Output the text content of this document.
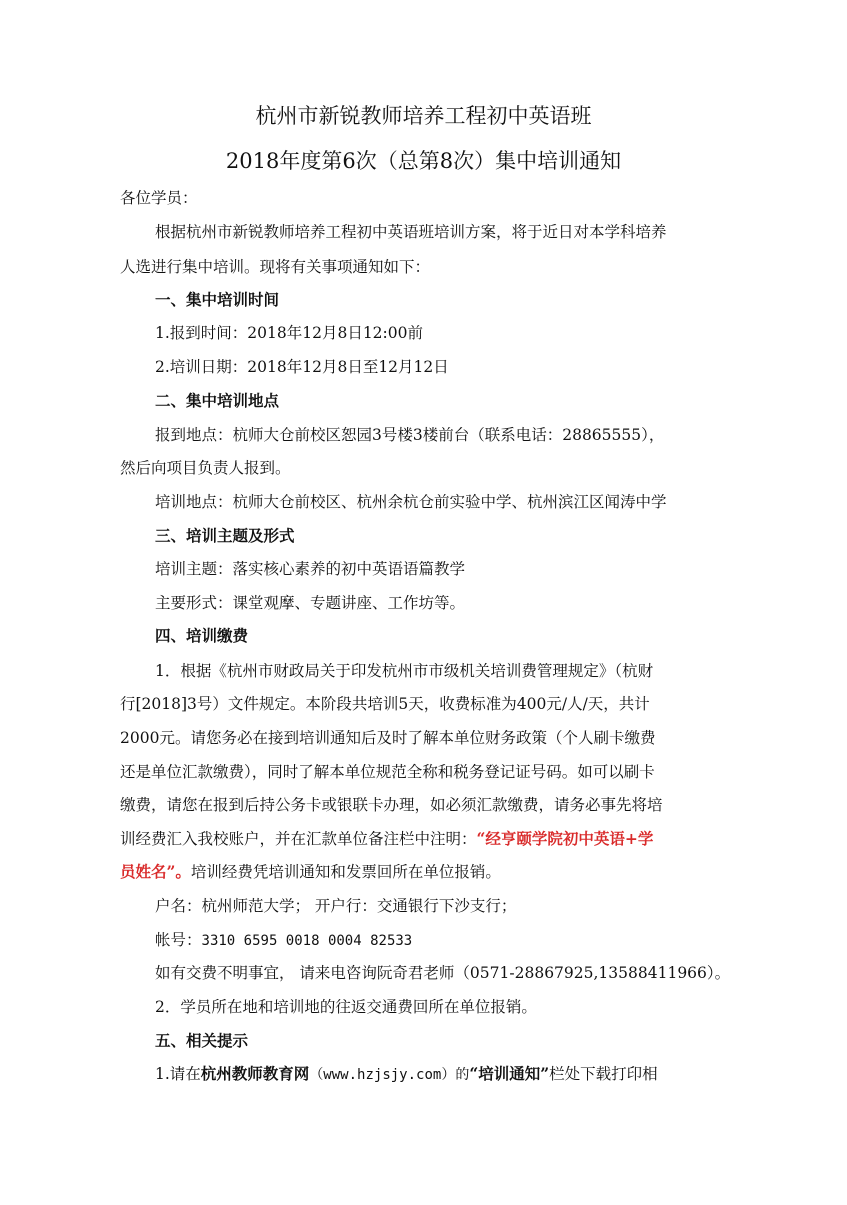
杭州市新锐教师培养工程初中英语班
2018年度第6次（总第8次）集中培训通知
各位学员：
根据杭州市新锐教师培养工程初中英语班培训方案，将于近日对本学科培养
人选进行集中培训。现将有关事项通知如下：
一、集中培训时间
1.报到时间：2018年12月8日12:00前
2.培训日期：2018年12月8日至12月12日
二、集中培训地点
报到地点：杭师大仓前校区恕园3号楼3楼前台（联系电话：28865555），
然后向项目负责人报到。
培训地点：杭师大仓前校区、杭州余杭仓前实验中学、杭州滨江区闻涛中学
三、培训主题及形式
培训主题：落实核心素养的初中英语语篇教学
主要形式：课堂观摩、专题讲座、工作坊等。
四、培训缴费
1．根据《杭州市财政局关于印发杭州市市级机关培训费管理规定》（杭财
行[2018]3号）文件规定。本阶段共培训5天，收费标准为400元/人/天，共计
2000元。请您务必在接到培训通知后及时了解本单位财务政策（个人刷卡缴费
还是单位汇款缴费），同时了解本单位规范全称和税务登记证号码。如可以刷卡
缴费，请您在报到后持公务卡或银联卡办理，如必须汇款缴费，请务必事先将培
训经费汇入我校账户，并在汇款单位备注栏中注明：“经亨颐学院初中英语+学
员姓名”。培训经费凭培训通知和发票回所在单位报销。
户名：杭州师范大学； 开户行：交通银行下沙支行；
帐号：3310 6595 0018 0004 82533
如有交费不明事宜， 请来电咨询阮奇君老师（0571-28867925,13588411966）。
2．学员所在地和培训地的往返交通费回所在单位报销。
五、相关提示
1.请在杭州教师教育网（www.hzjsjy.com）的“培训通知”栏处下载打印相
